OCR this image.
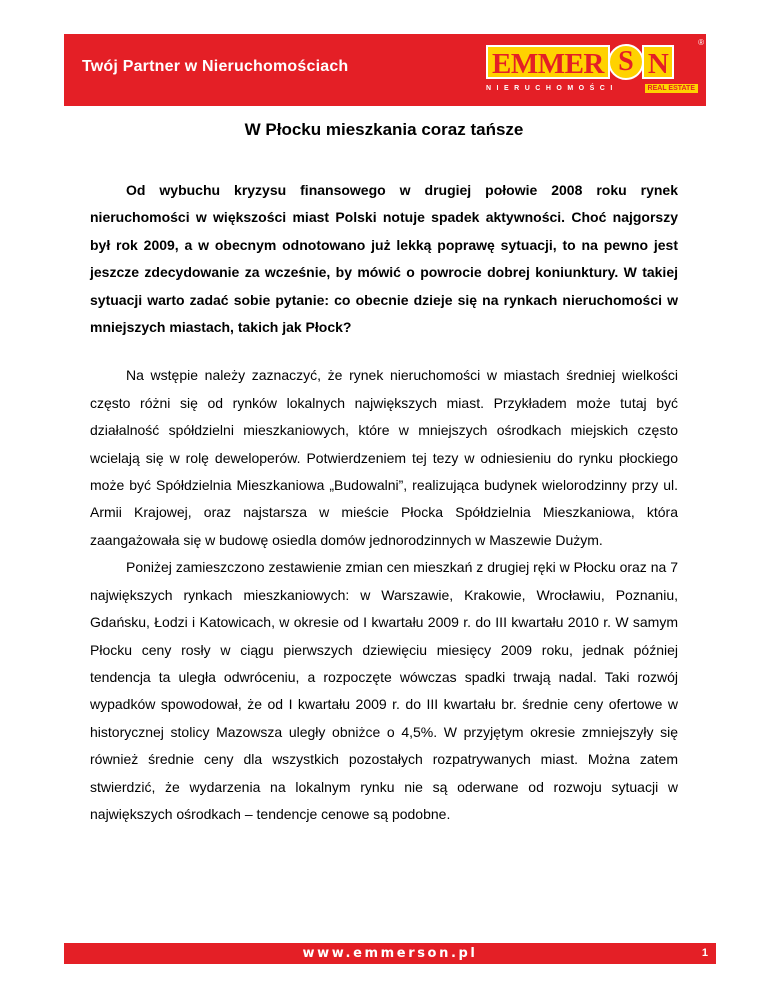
Twój Partner w Nieruchomościach	EMMER S N
®
NIERUCHOMOŚCI	REAL ESTATE
W Płocku mieszkania coraz tańsze

Od wybuchu kryzysu finansowego w drugiej połowie 2008 roku rynek nieruchomości w większości miast Polski notuje spadek aktywności. Choć najgorszy był rok 2009, a w obecnym odnotowano już lekką poprawę sytuacji, to na pewno jest jeszcze zdecydowanie za wcześnie, by mówić o powrocie dobrej koniunktury. W takiej sytuacji warto zadać sobie pytanie: co obecnie dzieje się na rynkach nieruchomości w mniejszych miastach, takich jak Płock?

Na wstępie należy zaznaczyć, że rynek nieruchomości w miastach średniej wielkości często różni się od rynków lokalnych największych miast. Przykładem może tutaj być działalność spółdzielni mieszkaniowych, które w mniejszych ośrodkach miejskich często wcielają się w rolę deweloperów. Potwierdzeniem tej tezy w odniesieniu do rynku płockiego może być Spółdzielnia Mieszkaniowa „Budowalni”, realizująca budynek wielorodzinny przy ul. Armii Krajowej, oraz najstarsza w mieście Płocka Spółdzielnia Mieszkaniowa, która zaangażowała się w budowę osiedla domów jednorodzinnych w Maszewie Dużym.

Poniżej zamieszczono zestawienie zmian cen mieszkań z drugiej ręki w Płocku oraz na 7 największych rynkach mieszkaniowych: w Warszawie, Krakowie, Wrocławiu, Poznaniu, Gdańsku, Łodzi i Katowicach, w okresie od I kwartału 2009 r. do III kwartału 2010 r. W samym Płocku ceny rosły w ciągu pierwszych dziewięciu miesięcy 2009 roku, jednak później tendencja ta uległa odwróceniu, a rozpoczęte wówczas spadki trwają nadal. Taki rozwój wypadków spowodował, że od I kwartału 2009 r. do III kwartału br. średnie ceny ofertowe w historycznej stolicy Mazowsza uległy obniżce o 4,5%. W przyjętym okresie zmniejszyły się również średnie ceny dla wszystkich pozostałych rozpatrywanych miast. Można zatem stwierdzić, że wydarzenia na lokalnym rynku nie są oderwane od rozwoju sytuacji w największych ośrodkach – tendencje cenowe są podobne.

www.emmerson.pl	1
